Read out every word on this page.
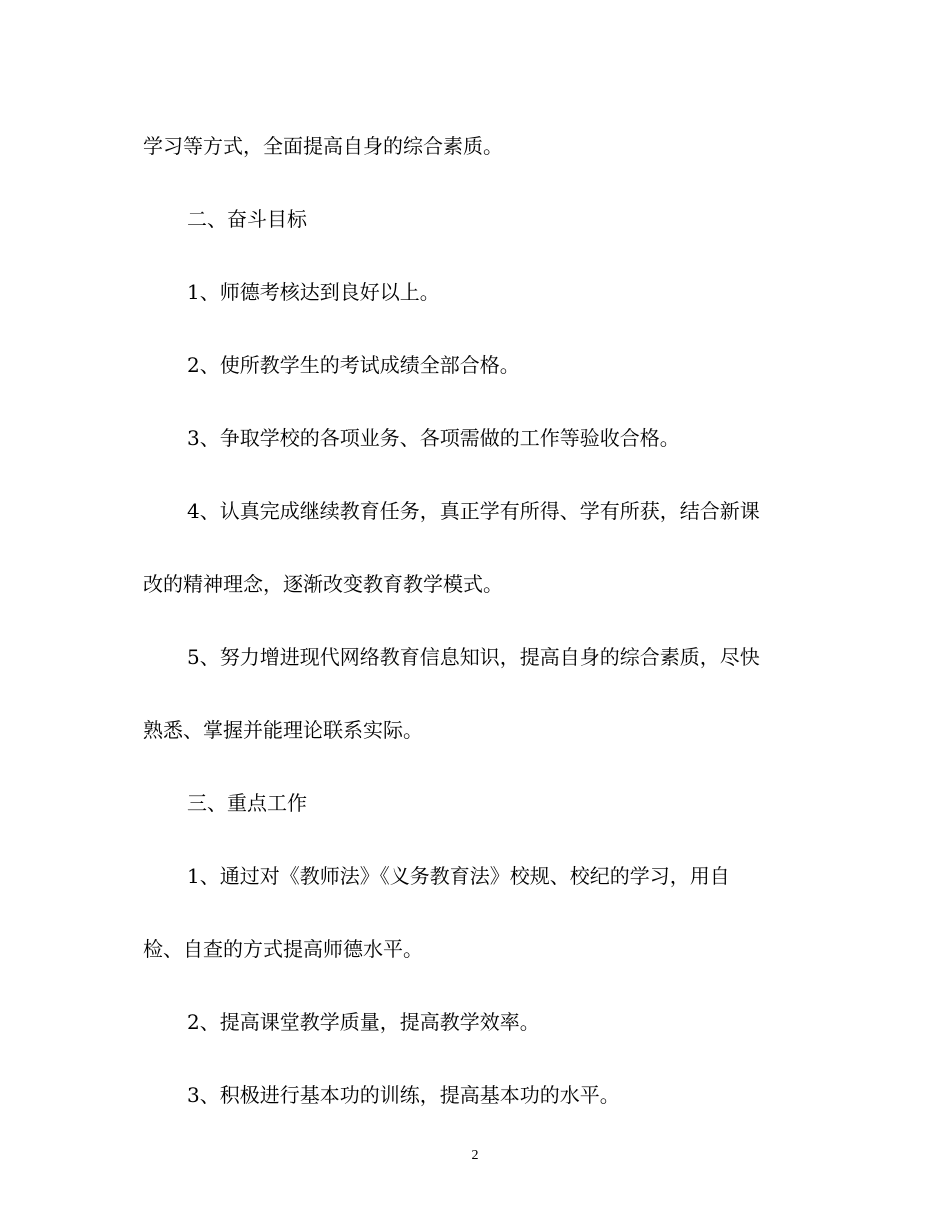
学习等方式，全面提高自身的综合素质。

二、奋斗目标

1、师德考核达到良好以上。

2、使所教学生的考试成绩全部合格。

3、争取学校的各项业务、各项需做的工作等验收合格。

4、认真完成继续教育任务，真正学有所得、学有所获，结合新课

改的精神理念，逐渐改变教育教学模式。

5、努力增进现代网络教育信息知识，提高自身的综合素质，尽快

熟悉、掌握并能理论联系实际。

三、重点工作

1、通过对《教师法》《义务教育法》校规、校纪的学习，用自

检、自查的方式提高师德水平。

2、提高课堂教学质量，提高教学效率。

3、积极进行基本功的训练，提高基本功的水平。

2
